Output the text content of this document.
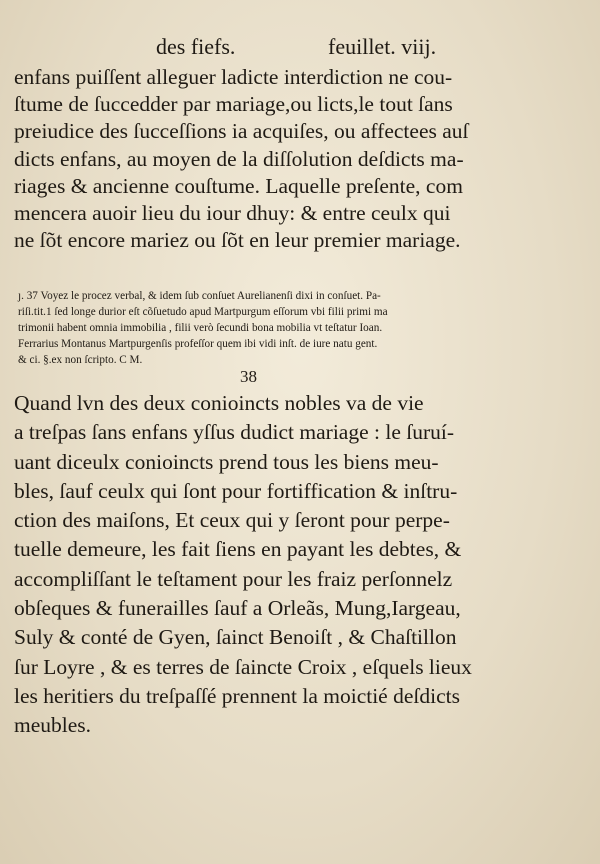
des fiefs.	feuillet. viij.
enfans puiſſent alleguer ladicte interdiction ne cou-
ſtume de ſuccedder par mariage,ou licts,le tout ſans
preiudice des ſucceſſions ia acquiſes, ou affectees auſ
dicts enfans, au moyen de la diſſolution deſdicts ma-
riages & ancienne couſtume. Laquelle preſente, com
mencera auoir lieu du iour dhuy: & entre ceulx qui
ne ſõt encore mariez ou ſõt en leur premier mariage.
ȷ. 37 Voyez le procez verbal, & idem ſub conſuet Aurelianenſi dixi in conſuet. Pa-
riſi.tit.1 ſed longe durior eſt cõſuetudo apud Martpurgum eſſorum vbi filii primi ma
trimonii habent omnia immobilia , filii verò ſecundi bona mobilia vt teſtatur Ioan.
Ferrarius Montanus Martpurgenſis profeſſor quem ibi vidi inſt. de iure natu gent.
& ci. §.ex non ſcripto. C M.
38
Quand lvn des deux conioincts nobles va de vie
a treſpas ſans enfans yſſus dudict mariage : le ſuruí-
uant diceulx conioincts prend tous les biens meu-
bles, ſauf ceulx qui ſont pour fortiffication & inſtru-
ction des maiſons, Et ceux qui y ſeront pour perpe-
tuelle demeure, les fait ſiens en payant les debtes, &
accompliſſant le teſtament pour les fraiz perſonnelz
obſeques & funerailles ſauf a Orleãs, Mung,Iargeau,
Suly & conté de Gyen, ſainct Benoiſt , & Chaſtillon
ſur Loyre , & es terres de ſaincte Croix , eſquels lieux
les heritiers du treſpaſſé prennent la moictié deſdicts
meubles.
